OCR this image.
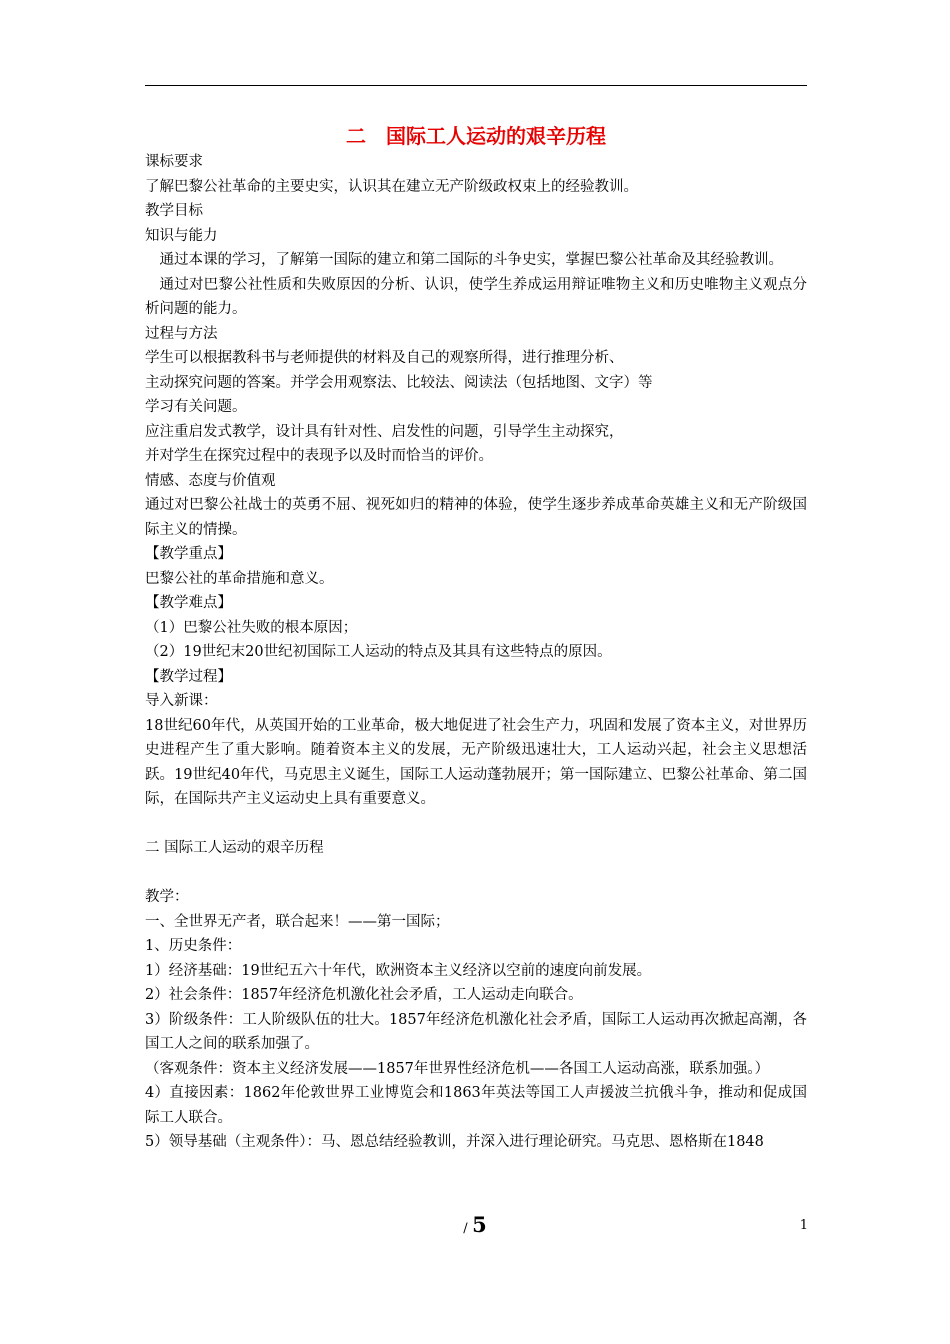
二　国际工人运动的艰辛历程

课标要求

了解巴黎公社革命的主要史实，认识其在建立无产阶级政权束上的经验教训。

教学目标

知识与能力

通过本课的学习，了解第一国际的建立和第二国际的斗争史实，掌握巴黎公社革命及其经验教训。

通过对巴黎公社性质和失败原因的分析、认识，使学生养成运用辩证唯物主义和历史唯物主义观点分析问题的能力。

过程与方法

学生可以根据教科书与老师提供的材料及自己的观察所得，进行推理分析、

主动探究问题的答案。并学会用观察法、比较法、阅读法（包括地图、文字）等

学习有关问题。

应注重启发式教学，设计具有针对性、启发性的问题，引导学生主动探究，

并对学生在探究过程中的表现予以及时而恰当的评价。

情感、态度与价值观

通过对巴黎公社战士的英勇不屈、视死如归的精神的体验，使学生逐步养成革命英雄主义和无产阶级国际主义的情操。

【教学重点】

巴黎公社的革命措施和意义。

【教学难点】

（1）巴黎公社失败的根本原因；

（2）19世纪末20世纪初国际工人运动的特点及其具有这些特点的原因。

【教学过程】

导入新课：

18世纪60年代，从英国开始的工业革命，极大地促进了社会生产力，巩固和发展了资本主义，对世界历史进程产生了重大影响。随着资本主义的发展，无产阶级迅速壮大，工人运动兴起，社会主义思想活跃。19世纪40年代，马克思主义诞生，国际工人运动蓬勃展开；第一国际建立、巴黎公社革命、第二国际，在国际共产主义运动史上具有重要意义。

二 国际工人运动的艰辛历程

教学：

一、全世界无产者，联合起来！——第一国际；

1、历史条件：

1）经济基础：19世纪五六十年代，欧洲资本主义经济以空前的速度向前发展。

2）社会条件：1857年经济危机激化社会矛盾，工人运动走向联合。

3）阶级条件：工人阶级队伍的壮大。1857年经济危机激化社会矛盾，国际工人运动再次掀起高潮，各国工人之间的联系加强了。

（客观条件：资本主义经济发展——1857年世界性经济危机——各国工人运动高涨，联系加强。）

4）直接因素：1862年伦敦世界工业博览会和1863年英法等国工人声援波兰抗俄斗争，推动和促成国际工人联合。

5）领导基础（主观条件）：马、恩总结经验教训，并深入进行理论研究。马克思、恩格斯在1848

/ 5	1
